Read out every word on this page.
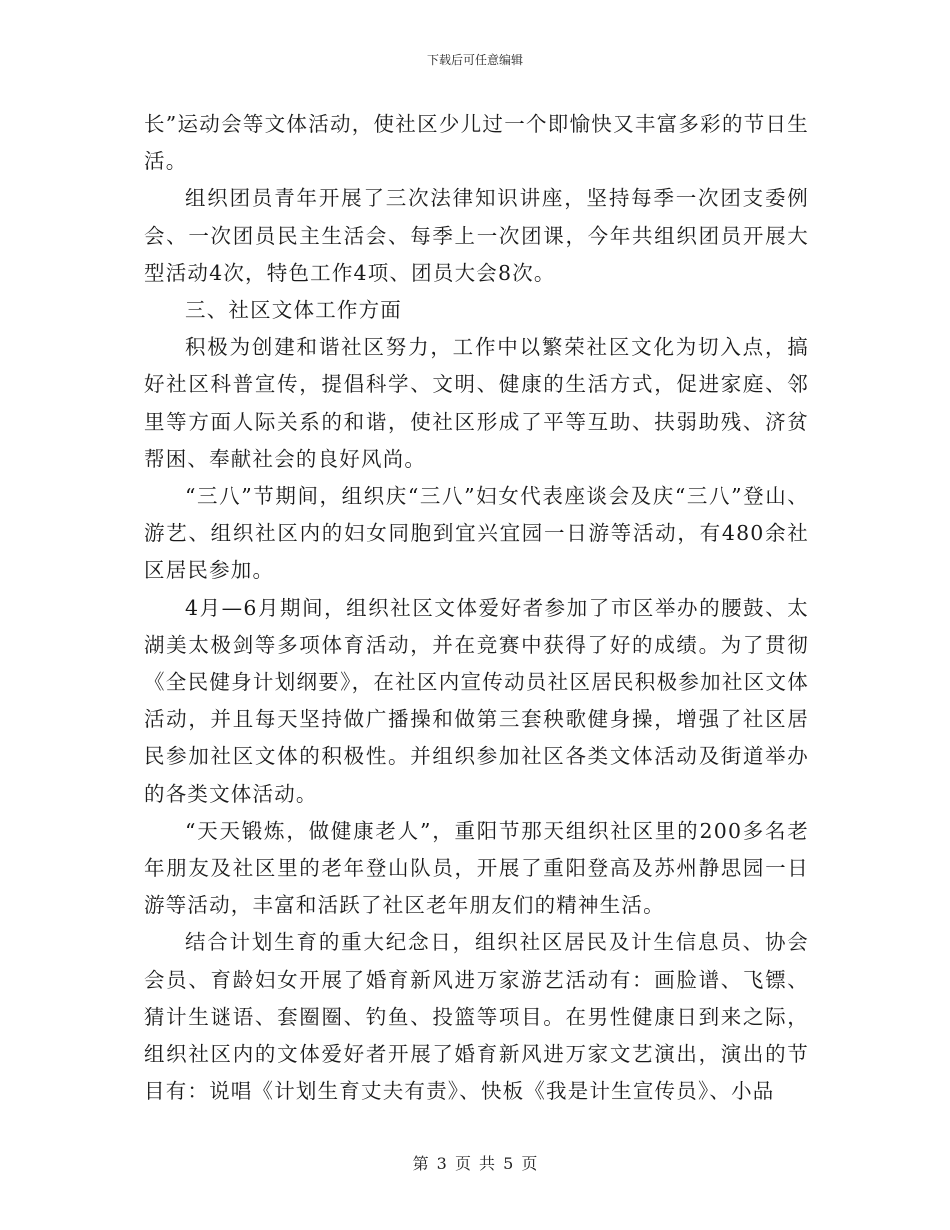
下载后可任意编辑

长”运动会等文体活动，使社区少儿过一个即愉快又丰富多彩的节日生活。

组织团员青年开展了三次法律知识讲座，坚持每季一次团支委例会、一次团员民主生活会、每季上一次团课，今年共组织团员开展大型活动4次，特色工作4项、团员大会8次。

三、社区文体工作方面

积极为创建和谐社区努力，工作中以繁荣社区文化为切入点，搞好社区科普宣传，提倡科学、文明、健康的生活方式，促进家庭、邻里等方面人际关系的和谐，使社区形成了平等互助、扶弱助残、济贫帮困、奉献社会的良好风尚。

“三八”节期间，组织庆“三八”妇女代表座谈会及庆“三八”登山、游艺、组织社区内的妇女同胞到宜兴宜园一日游等活动，有480余社区居民参加。

4月—6月期间，组织社区文体爱好者参加了市区举办的腰鼓、太湖美太极剑等多项体育活动，并在竞赛中获得了好的成绩。为了贯彻《全民健身计划纲要》，在社区内宣传动员社区居民积极参加社区文体活动，并且每天坚持做广播操和做第三套秧歌健身操，增强了社区居民参加社区文体的积极性。并组织参加社区各类文体活动及街道举办的各类文体活动。

“天天锻炼，做健康老人”，重阳节那天组织社区里的200多名老年朋友及社区里的老年登山队员，开展了重阳登高及苏州静思园一日游等活动，丰富和活跃了社区老年朋友们的精神生活。

结合计划生育的重大纪念日，组织社区居民及计生信息员、协会会员、育龄妇女开展了婚育新风进万家游艺活动有：画脸谱、飞镖、猜计生谜语、套圈圈、钓鱼、投篮等项目。在男性健康日到来之际，组织社区内的文体爱好者开展了婚育新风进万家文艺演出，演出的节目有：说唱《计划生育丈夫有责》、快板《我是计生宣传员》、小品

第 3 页 共 5 页
